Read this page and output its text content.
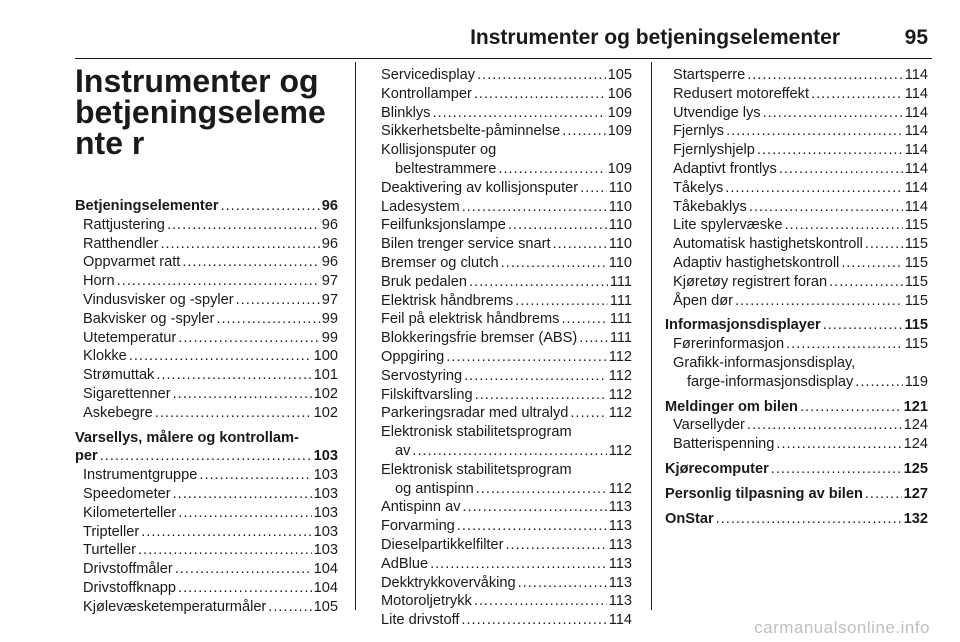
Instrumenter og betjeningselementer	95
Instrumenter og betjeningselemente r
Betjeningselementer .....	96
Rattjustering .....	96
Ratthendler .....	96
Oppvarmet ratt .....	96
Horn .....	97
Vindusvisker og -spyler .....	97
Bakvisker og -spyler .....	99
Utetemperatur .....	99
Klokke .....	100
Strømuttak .....	101
Sigarettenner .....	102
Askebegre .....	102
Varsellys, målere og kontrollam-
per .....	103
Instrumentgruppe .....	103
Speedometer .....	103
Kilometerteller .....	103
Tripteller .....	103
Turteller .....	103
Drivstoffmåler .....	104
Drivstoffknapp .....	104
Kjølevæsketemperaturmåler .....	105
Servicedisplay .....	105
Kontrollamper .....	106
Blinklys .....	109
Sikkerhetsbelte-påminnelse .....	109
Kollisjonsputer og
beltestrammere .....	109
Deaktivering av kollisjonsputer ..... 110
Ladesystem .....	110
Feilfunksjonslampe .....	110
Bilen trenger service snart .....	110
Bremser og clutch .....	110
Bruk pedalen .....	111
Elektrisk håndbrems .....	111
Feil på elektrisk håndbrems .....	111
Blokkeringsfrie bremser (ABS) ..... 111
Oppgiring .....	112
Servostyring .....	112
Filskiftvarsling .....	112
Parkeringsradar med ultralyd .....	112
Elektronisk stabilitetsprogram
av .....	112
Elektronisk stabilitetsprogram
og antispinn .....	112
Antispinn av .....	113
Forvarming .....	113
Dieselpartikkelfilter .....	113
AdBlue .....	113
Dekktrykkovervåking .....	113
Motoroljetrykk .....	113
Lite drivstoff .....	114
Startsperre .....	114
Redusert motoreffekt .....	114
Utvendige lys .....	114
Fjernlys .....	114
Fjernlyshjelp .....	114
Adaptivt frontlys .....	114
Tåkelys .....	114
Tåkebaklys .....	114
Lite spylervæske .....	115
Automatisk hastighetskontroll .....	115
Adaptiv hastighetskontroll .....	115
Kjøretøy registrert foran .....	115
Åpen dør .....	115
Informasjonsdisplayer .....	115
Førerinformasjon .....	115
Grafikk-informasjonsdisplay,
farge-informasjonsdisplay .....	119
Meldinger om bilen .....	121
Varsellyder .....	124
Batterispenning .....	124
Kjørecomputer .....	125
Personlig tilpasning av bilen .....	127
OnStar .....	132
carmanualsonline.info
